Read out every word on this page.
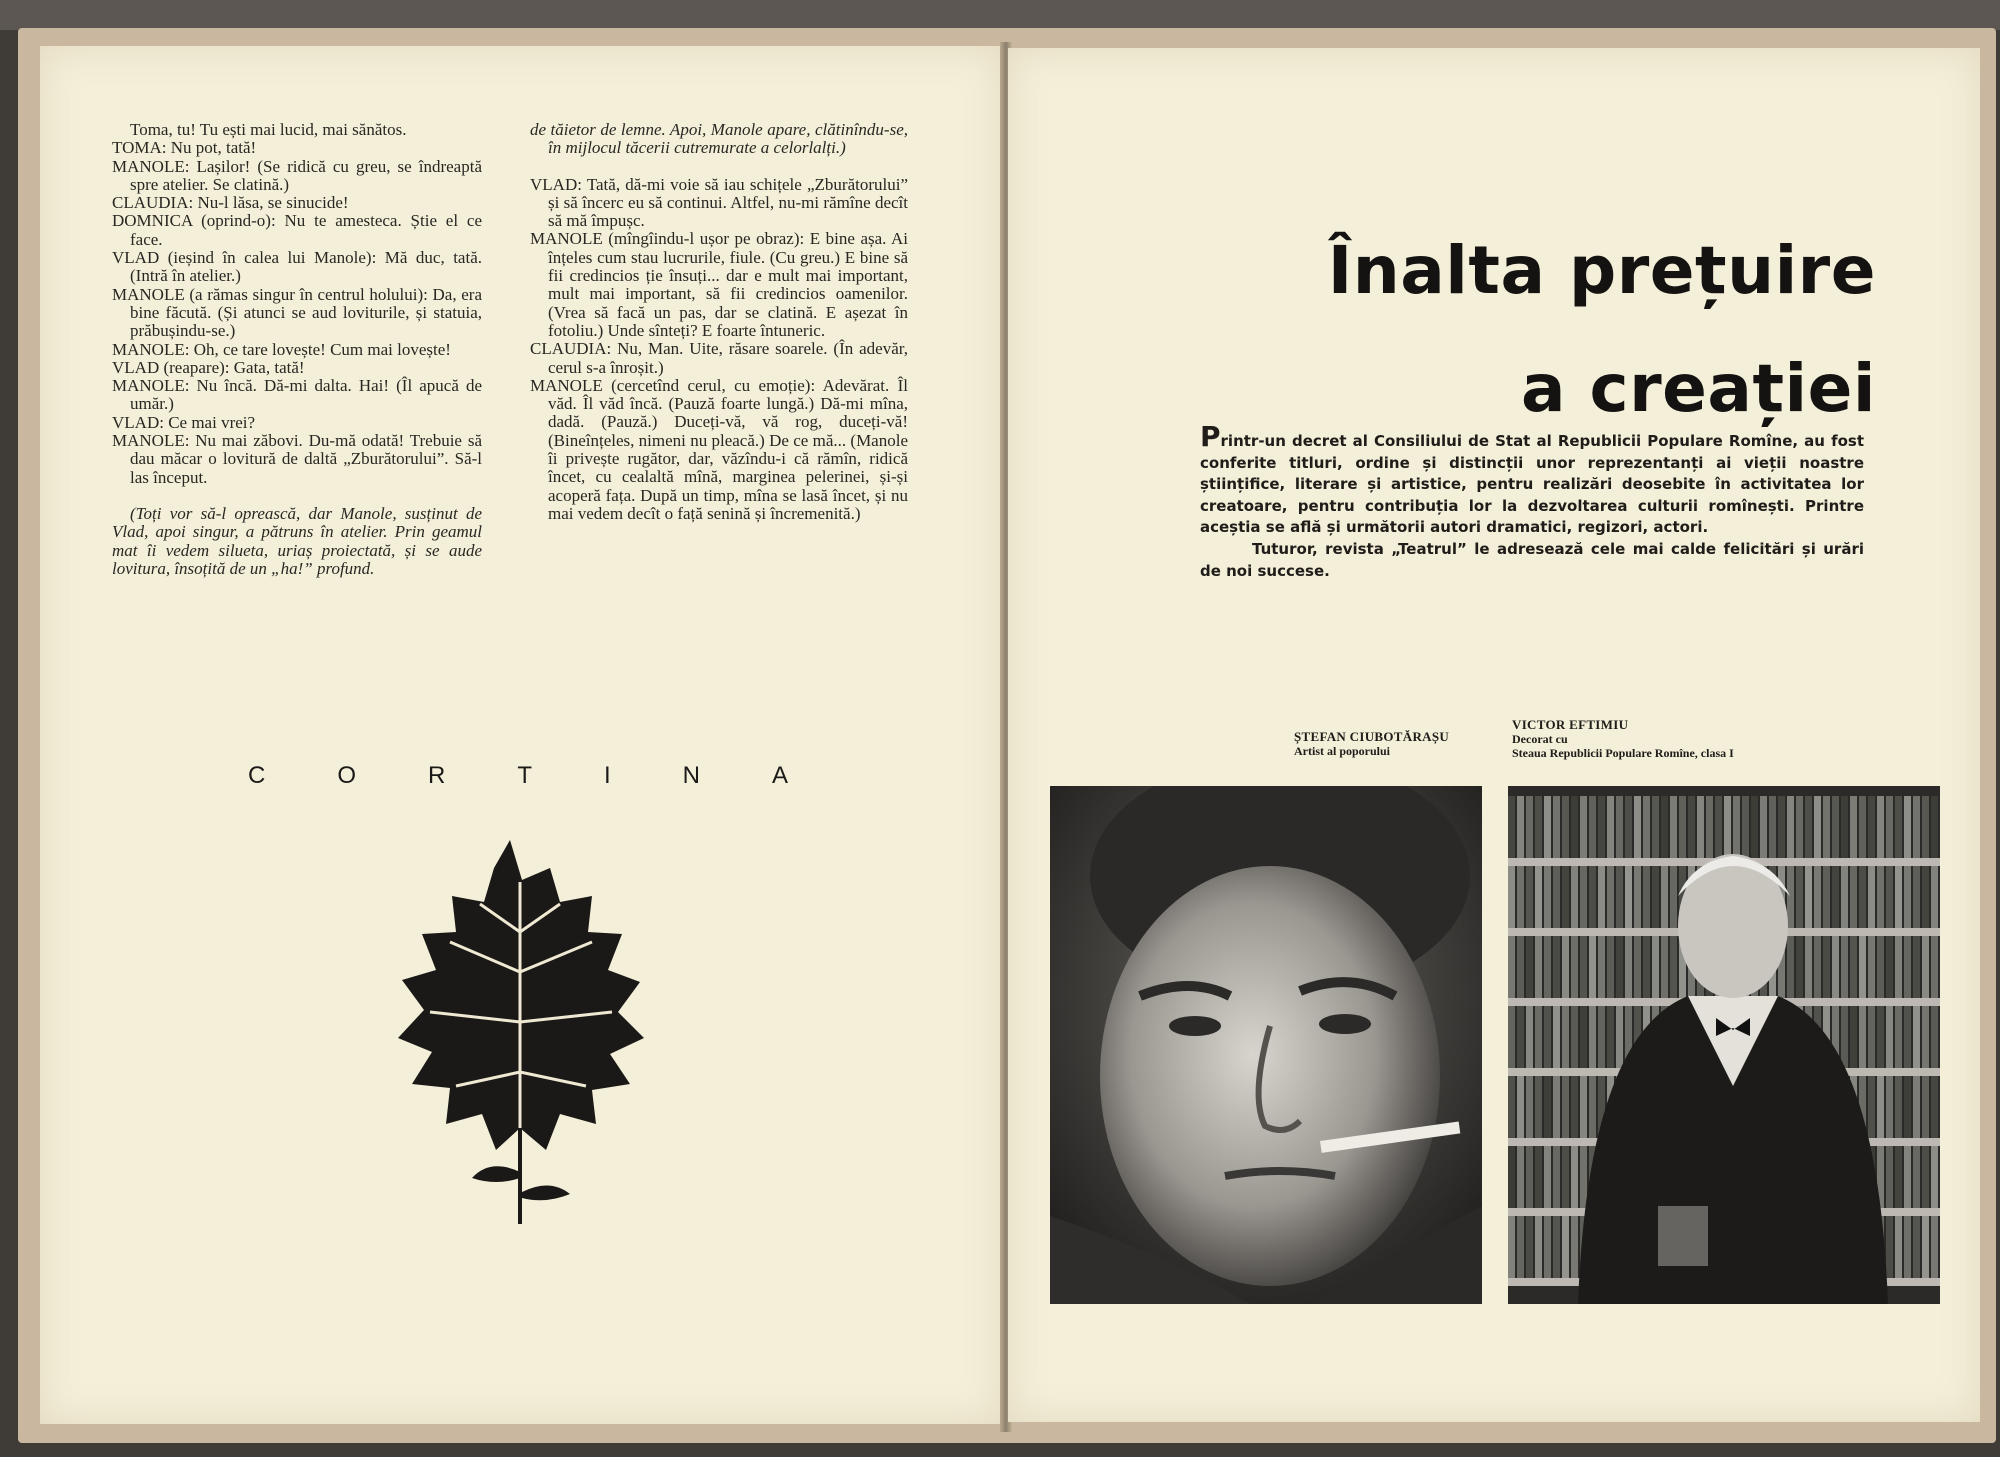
Toma, tu! Tu ești mai lucid, mai sănătos.

TOMA: Nu pot, tată!

MANOLE: Lașilor! (Se ridică cu greu, se îndreaptă spre atelier. Se clatină.)

CLAUDIA: Nu-l lăsa, se sinucide!

DOMNICA (oprind-o): Nu te amesteca. Știe el ce face.

VLAD (ieșind în calea lui Manole): Mă duc, tată. (Intră în atelier.)

MANOLE (a rămas singur în centrul holului): Da, era bine făcută. (Și atunci se aud loviturile, și statuia, prăbușindu-se.)

MANOLE: Oh, ce tare lovește! Cum mai lovește!

VLAD (reapare): Gata, tată!

MANOLE: Nu încă. Dă-mi dalta. Hai! (Îl apucă de umăr.)

VLAD: Ce mai vrei?

MANOLE: Nu mai zăbovi. Du-mă odată! Trebuie să dau măcar o lovitură de daltă „Zburătorului”. Să-l las început.

(Toți vor să-l oprească, dar Manole, susținut de Vlad, apoi singur, a pătruns în atelier. Prin geamul mat îi vedem silueta, uriaș proiectată, și se aude lovitura, însoțită de un „ha!” profund.

de tăietor de lemne. Apoi, Manole apare, clătinîndu-se, în mijlocul tăcerii cutremurate a celorlalți.)

VLAD: Tată, dă-mi voie să iau schițele „Zburătorului” și să încerc eu să continui. Altfel, nu-mi rămîne decît să mă împușc.

MANOLE (mîngîindu-l ușor pe obraz): E bine așa. Ai înțeles cum stau lucrurile, fiule. (Cu greu.) E bine să fii credincios ție însuți... dar e mult mai important, mult mai important, să fii credincios oamenilor. (Vrea să facă un pas, dar se clatină. E așezat în fotoliu.) Unde sînteți? E foarte întuneric.

CLAUDIA: Nu, Man. Uite, răsare soarele. (În adevăr, cerul s-a înroșit.)

MANOLE (cercetînd cerul, cu emoție): Adevărat. Îl văd. Îl văd încă. (Pauză foarte lungă.) Dă-mi mîna, dadă. (Pauză.) Duceți-vă, vă rog, duceți-vă! (Bineînțeles, nimeni nu pleacă.) De ce mă... (Manole îi privește rugător, dar, văzîndu-i că rămîn, ridică încet, cu cealaltă mînă, marginea pelerinei, și-și acoperă fața. După un timp, mîna se lasă încet, și nu mai vedem decît o față senină și încremenită.)

C	O	R	T	I	N	A
Înalta prețuire
a creației

Printr-un decret al Consiliului de Stat al Republicii Populare Romîne, au fost conferite titluri, ordine și distincții unor reprezentanți ai vieții noastre științifice, literare și artistice, pentru realizări deosebite în activitatea lor creatoare, pentru contribuția lor la dezvoltarea culturii romînești. Printre aceștia se află și următorii autori dramatici, regizori, actori.

Tuturor, revista „Teatrul” le adresează cele mai calde felicitări și urări de noi succese.

ȘTEFAN CIUBOTĂRAȘU
Artist al poporului
VICTOR EFTIMIU
Decorat cu
Steaua Republicii Populare Romîne, clasa I
